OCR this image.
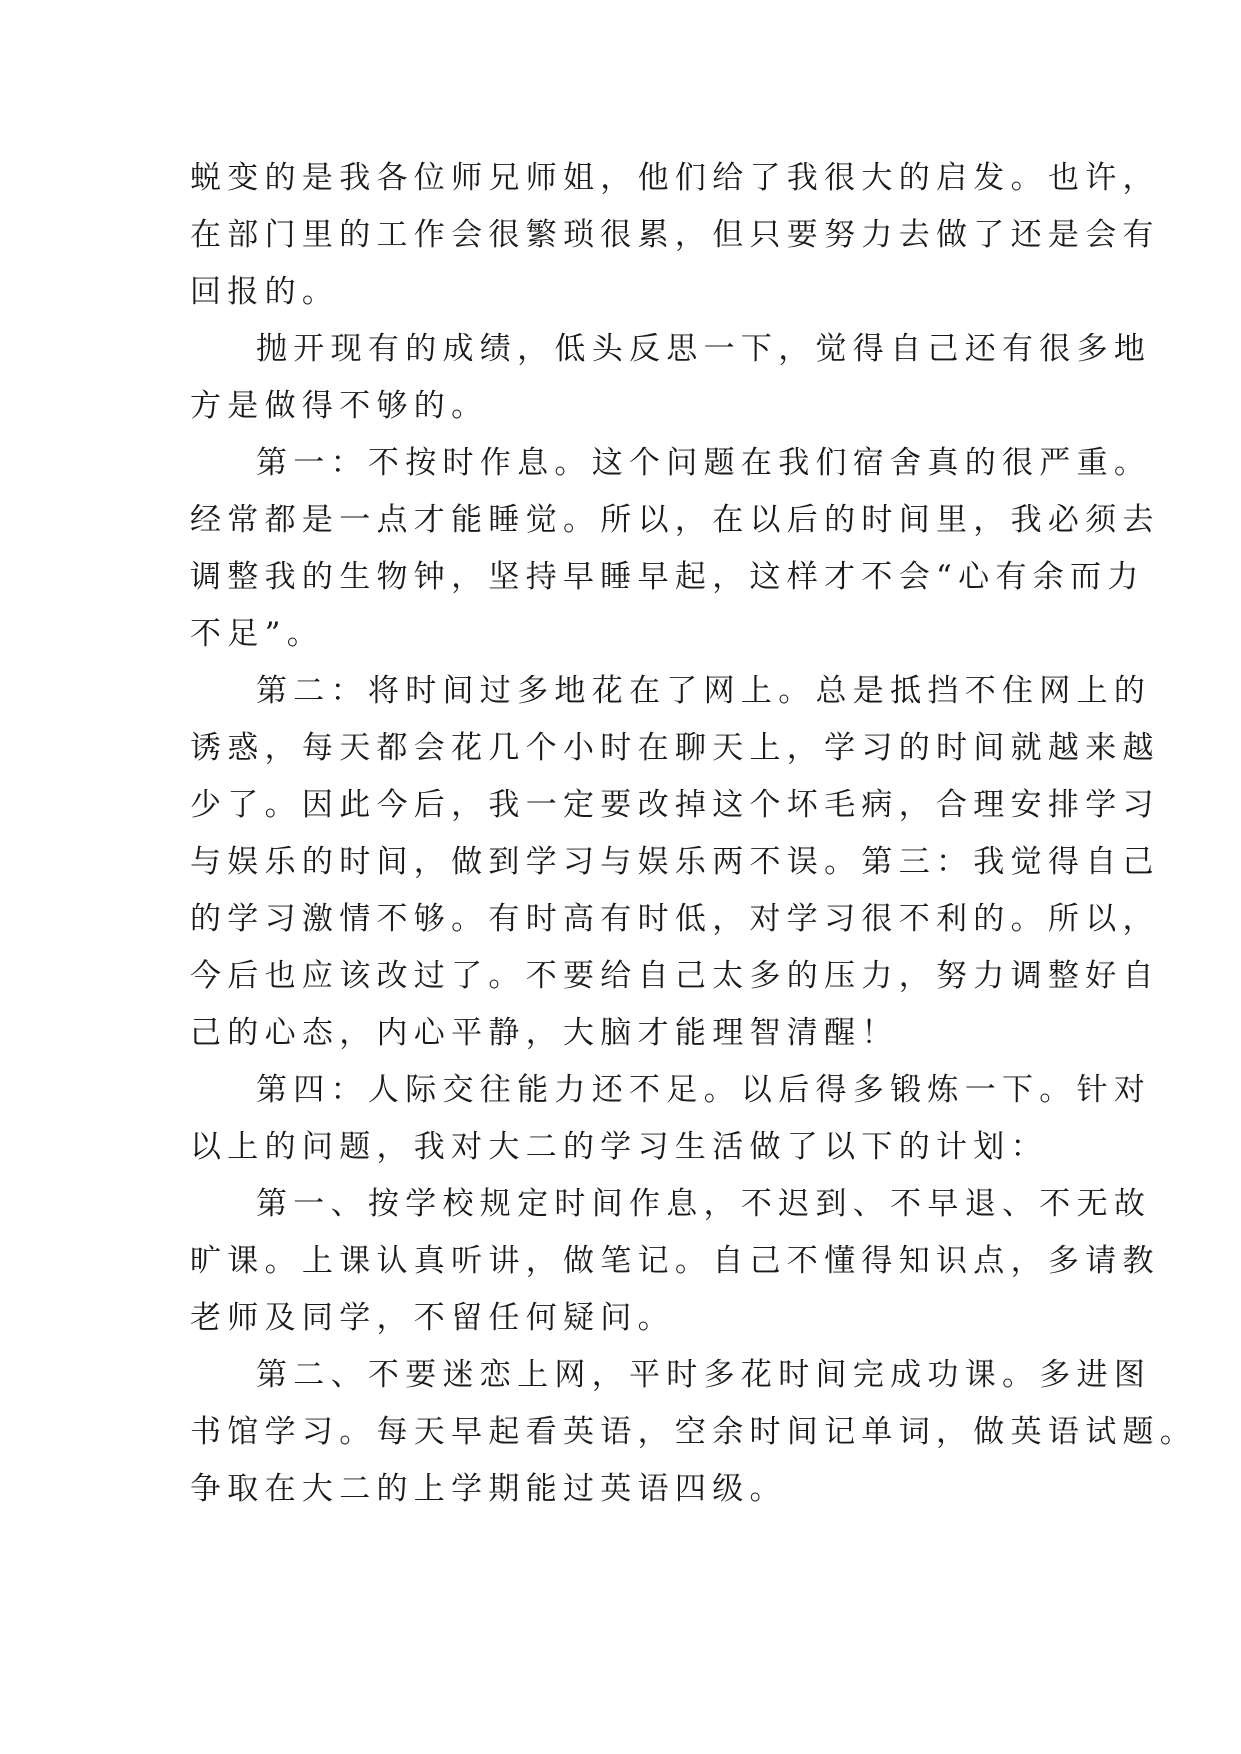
蜕变的是我各位师兄师姐，他们给了我很大的启发。也许，
在部门里的工作会很繁琐很累，但只要努力去做了还是会有
回报的。
抛开现有的成绩，低头反思一下，觉得自己还有很多地
方是做得不够的。
第一：不按时作息。这个问题在我们宿舍真的很严重。
经常都是一点才能睡觉。所以，在以后的时间里，我必须去
调整我的生物钟，坚持早睡早起，这样才不会“心有余而力
不足”。
第二：将时间过多地花在了网上。总是抵挡不住网上的
诱惑，每天都会花几个小时在聊天上，学习的时间就越来越
少了。因此今后，我一定要改掉这个坏毛病，合理安排学习
与娱乐的时间，做到学习与娱乐两不误。第三：我觉得自己
的学习激情不够。有时高有时低，对学习很不利的。所以，
今后也应该改过了。不要给自己太多的压力，努力调整好自
己的心态，内心平静，大脑才能理智清醒！
第四：人际交往能力还不足。以后得多锻炼一下。针对
以上的问题，我对大二的学习生活做了以下的计划：
第一、按学校规定时间作息，不迟到、不早退、不无故
旷课。上课认真听讲，做笔记。自己不懂得知识点，多请教
老师及同学，不留任何疑问。
第二、不要迷恋上网，平时多花时间完成功课。多进图
书馆学习。每天早起看英语，空余时间记单词，做英语试题。
争取在大二的上学期能过英语四级。
